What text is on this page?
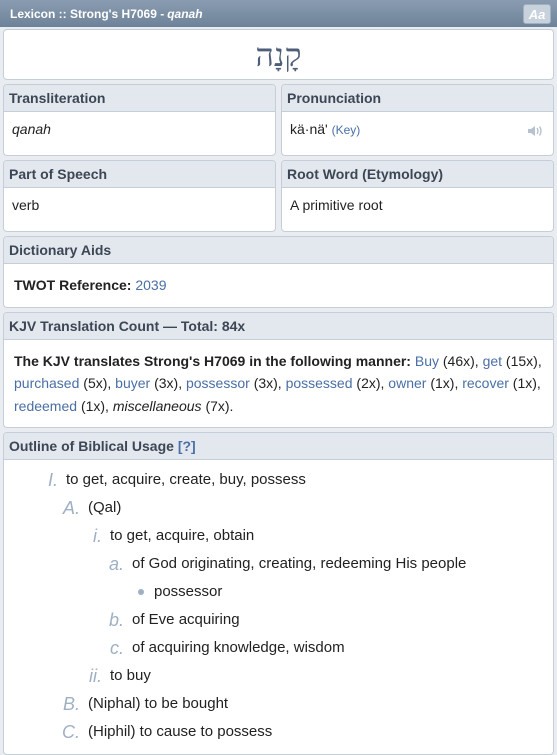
Lexicon :: Strong's H7069 - qanah	Aa
קָנָה
Transliteration
qanah
Pronunciation
kä·nä' (Key)
Part of Speech
verb
Root Word (Etymology)
A primitive root
Dictionary Aids
TWOT Reference: 2039
KJV Translation Count — Total: 84x
The KJV translates Strong's H7069 in the following manner: Buy (46x), get (15x), purchased (5x), buyer (3x), possessor (3x), possessed (2x), owner (1x), recover (1x), redeemed (1x), miscellaneous (7x).
Outline of Biblical Usage [?]
I. to get, acquire, create, buy, possess
A. (Qal)
i. to get, acquire, obtain
a. of God originating, creating, redeeming His people
possessor
b. of Eve acquiring
c. of acquiring knowledge, wisdom
ii. to buy
B. (Niphal) to be bought
C. (Hiphil) to cause to possess
